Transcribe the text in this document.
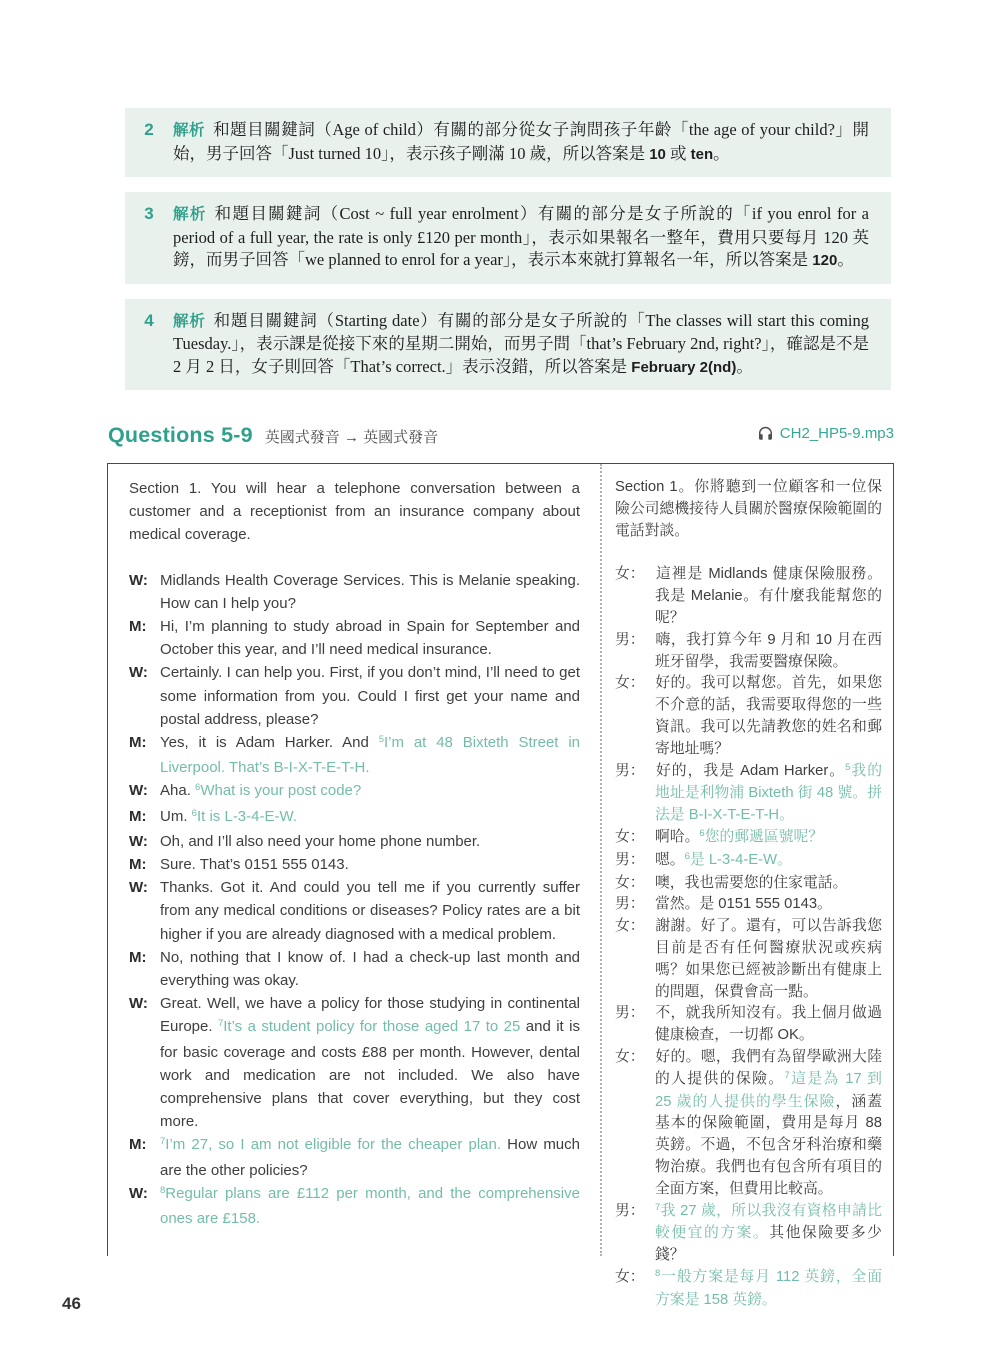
2	解析 和題目關鍵詞（Age of child）有關的部分從女子詢問孩子年齡「the age of your child?」開始，男子回答「Just turned 10」，表示孩子剛滿 10 歲，所以答案是 10 或 ten。
3	解析 和題目關鍵詞（Cost ~ full year enrolment）有關的部分是女子所說的「if you enrol for a period of a full year, the rate is only £120 per month」，表示如果報名一整年，費用只要每月 120 英鎊，而男子回答「we planned to enrol for a year」，表示本來就打算報名一年，所以答案是 120。
4	解析 和題目關鍵詞（Starting date）有關的部分是女子所說的「The classes will start this coming Tuesday.」，表示課是從接下來的星期二開始，而男子問「that’s February 2nd, right?」，確認是不是 2 月 2 日，女子則回答「That’s correct.」表示沒錯，所以答案是 February 2(nd)。
Questions 5-9 英國式發音 → 英國式發音	CH2_HP5-9.mp3

Section 1. You will hear a telephone conversation between a customer and a receptionist from an insurance company about medical coverage.

W: Midlands Health Coverage Services. This is Melanie speaking. How can I help you?

M: Hi, I’m planning to study abroad in Spain for September and October this year, and I’ll need medical insurance.

W: Certainly. I can help you. First, if you don’t mind, I’ll need to get some information from you. Could I first get your name and postal address, please?

M: Yes, it is Adam Harker. And $^5$I’m at 48 Bixteth Street in Liverpool. That’s B-I-X-T-E-T-H.

W: Aha. $^6$What is your post code?

M: Um. $^6$It is L-3-4-E-W.

W: Oh, and I’ll also need your home phone number.

M: Sure. That’s 0151 555 0143.

W: Thanks. Got it. And could you tell me if you currently suffer from any medical conditions or diseases? Policy rates are a bit higher if you are already diagnosed with a medical problem.

M: No, nothing that I know of. I had a check-up last month and everything was okay.

W: Great. Well, we have a policy for those studying in continental Europe. $^7$It’s a student policy for those aged 17 to 25 and it is for basic coverage and costs £88 per month. However, dental work and medication are not included. We also have comprehensive plans that cover everything, but they cost more.

M: $^7$I’m 27, so I am not eligible for the cheaper plan. How much are the other policies?

W: $^8$Regular plans are £112 per month, and the comprehensive ones are £158.

Section 1。你將聽到一位顧客和一位保險公司總機接待人員關於醫療保險範圍的電話對談。

女： 這裡是 Midlands 健康保險服務。我是 Melanie。有什麼我能幫您的呢？

男： 嗨，我打算今年 9 月和 10 月在西班牙留學，我需要醫療保險。

女： 好的。我可以幫您。首先，如果您不介意的話，我需要取得您的一些資訊。我可以先請教您的姓名和郵寄地址嗎？

男： 好的，我是 Adam Harker。$^5$我的地址是利物浦 Bixteth 街 48 號。拼法是 B-I-X-T-E-T-H。

女： 啊哈。$^6$您的郵遞區號呢？

男： 嗯。$^6$是 L-3-4-E-W。

女： 噢，我也需要您的住家電話。

男： 當然。是 0151 555 0143。

女： 謝謝。好了。還有，可以告訴我您目前是否有任何醫療狀況或疾病嗎？如果您已經被診斷出有健康上的問題，保費會高一點。

男： 不，就我所知沒有。我上個月做過健康檢查，一切都 OK。

女： 好的。嗯，我們有為留學歐洲大陸的人提供的保險。$^7$這是為 17 到 25 歲的人提供的學生保險，涵蓋基本的保險範圍，費用是每月 88 英鎊。不過，不包含牙科治療和藥物治療。我們也有包含所有項目的全面方案，但費用比較高。

男： $^7$我 27 歲，所以我沒有資格申請比較便宜的方案。其他保險要多少錢？

女： $^8$一般方案是每月 112 英鎊，全面方案是 158 英鎊。

46
